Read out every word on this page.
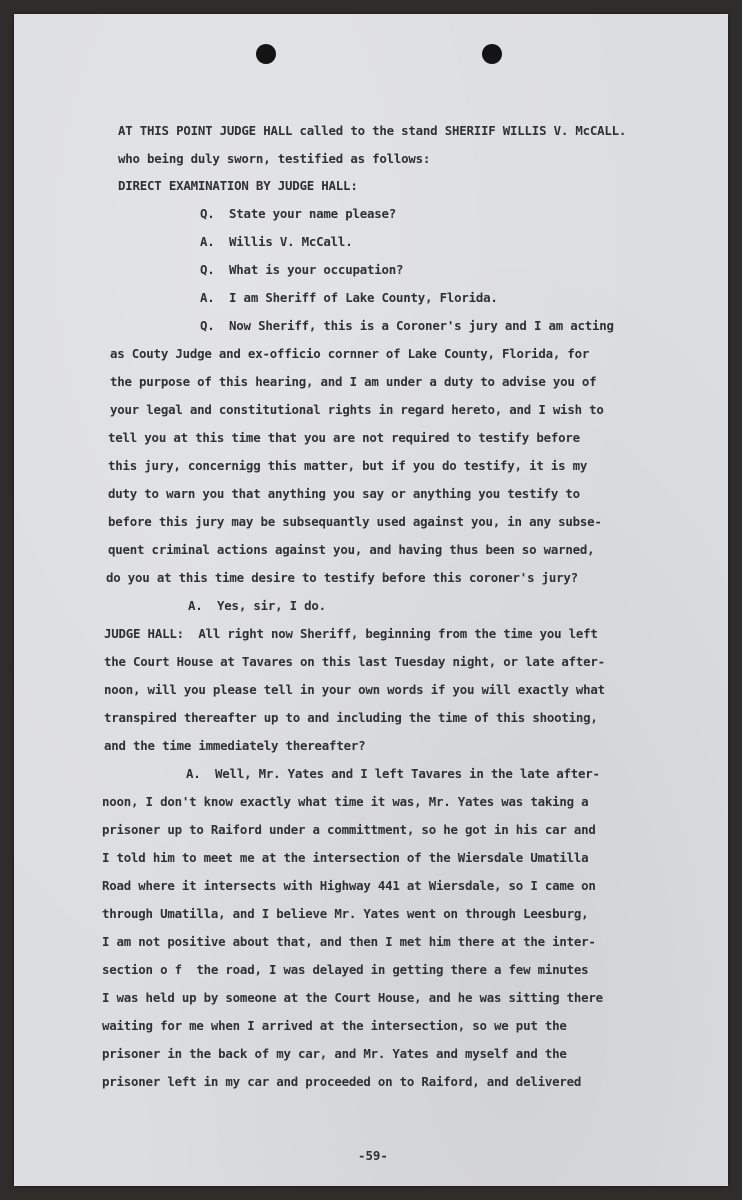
AT THIS POINT JUDGE HALL called to the stand SHERIIF WILLIS V. McCALL.
who being duly sworn, testified as follows:
DIRECT EXAMINATION BY JUDGE HALL:
Q.  State your name please?
A.  Willis V. McCall.
Q.  What is your occupation?
A.  I am Sheriff of Lake County, Florida.
Q.  Now Sheriff, this is a Coroner's jury and I am acting
as Couty Judge and ex-officio cornner of Lake County, Florida, for
the purpose of this hearing, and I am under a duty to advise you of
your legal and constitutional rights in regard hereto, and I wish to
tell you at this time that you are not required to testify before
this jury, concernigg this matter, but if you do testify, it is my
duty to warn you that anything you say or anything you testify to
before this jury may be subsequantly used against you, in any subse-
quent criminal actions against you, and having thus been so warned,
do you at this time desire to testify before this coroner's jury?
A.  Yes, sir, I do.
JUDGE HALL:  All right now Sheriff, beginning from the time you left
the Court House at Tavares on this last Tuesday night, or late after-
noon, will you please tell in your own words if you will exactly what
transpired thereafter up to and including the time of this shooting,
and the time immediately thereafter?
A.  Well, Mr. Yates and I left Tavares in the late after-
noon, I don't know exactly what time it was, Mr. Yates was taking a
prisoner up to Raiford under a committment, so he got in his car and
I told him to meet me at the intersection of the Wiersdale Umatilla
Road where it intersects with Highway 441 at Wiersdale, so I came on
through Umatilla, and I believe Mr. Yates went on through Leesburg,
I am not positive about that, and then I met him there at the inter-
section o f  the road, I was delayed in getting there a few minutes
I was held up by someone at the Court House, and he was sitting there
waiting for me when I arrived at the intersection, so we put the
prisoner in the back of my car, and Mr. Yates and myself and the
prisoner left in my car and proceeded on to Raiford, and delivered
-59-
